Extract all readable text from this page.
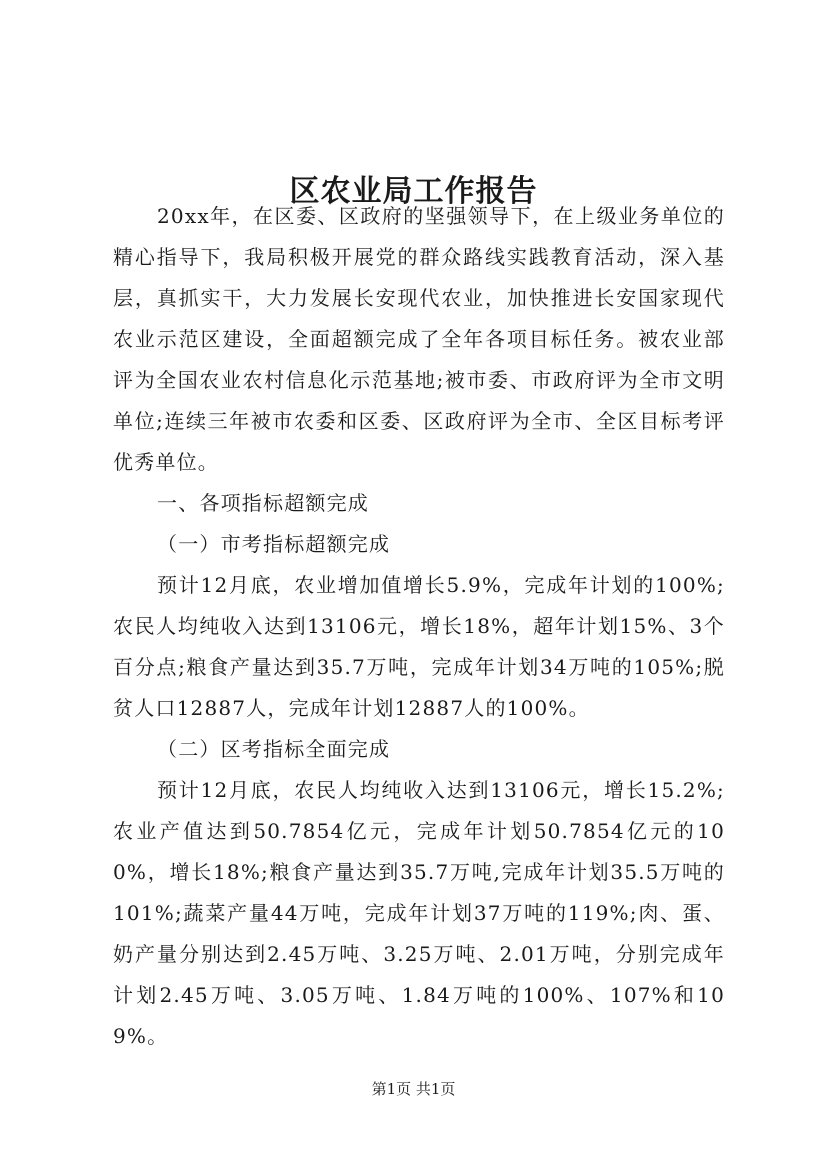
区农业局工作报告

20xx年，在区委、区政府的坚强领导下，在上级业务单位的精心指导下，我局积极开展党的群众路线实践教育活动，深入基层，真抓实干，大力发展长安现代农业，加快推进长安国家现代农业示范区建设，全面超额完成了全年各项目标任务。被农业部评为全国农业农村信息化示范基地;被市委、市政府评为全市文明单位;连续三年被市农委和区委、区政府评为全市、全区目标考评优秀单位。

一、各项指标超额完成

（一）市考指标超额完成

预计12月底，农业增加值增长5.9%，完成年计划的100%;农民人均纯收入达到13106元，增长18%，超年计划15%、3个百分点;粮食产量达到35.7万吨，完成年计划34万吨的105%;脱贫人口12887人，完成年计划12887人的100%。

（二）区考指标全面完成

预计12月底，农民人均纯收入达到13106元，增长15.2%;农业产值达到50.7854亿元，完成年计划50.7854亿元的100%，增长18%;粮食产量达到35.7万吨,完成年计划35.5万吨的101%;蔬菜产量44万吨，完成年计划37万吨的119%;肉、蛋、奶产量分别达到2.45万吨、3.25万吨、2.01万吨，分别完成年计划2.45万吨、3.05万吨、1.84万吨的100%、107%和109%。

第1页 共1页
